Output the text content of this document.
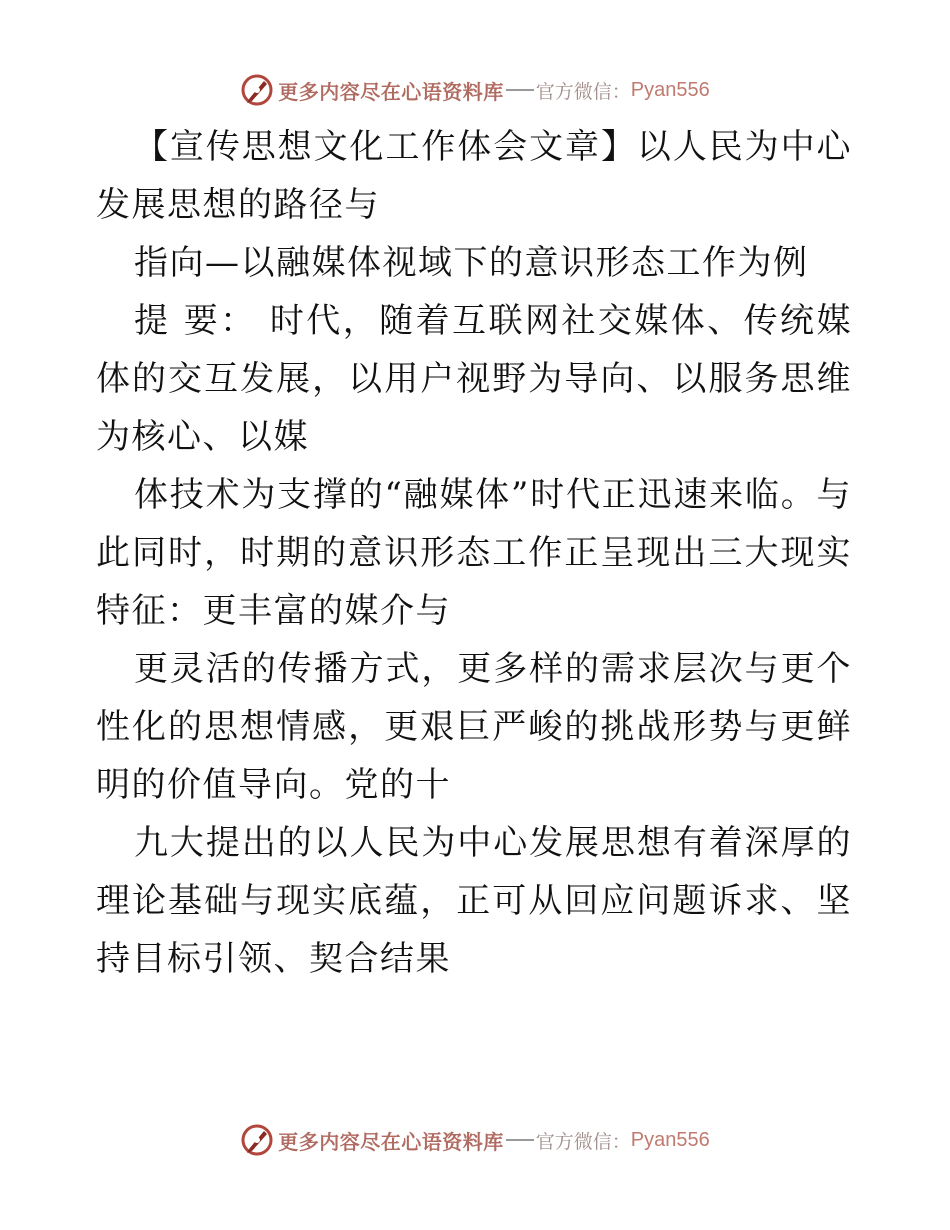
更多内容尽在心语资料库 官方微信： Pyan556

【宣传思想文化工作体会文章】以人民为中心发展思想的路径与

指向—以融媒体视域下的意识形态工作为例

提 要： 时代，随着互联网社交媒体、传统媒体的交互发展，以用户视野为导向、以服务思维为核心、以媒

体技术为支撑的“融媒体”时代正迅速来临。与此同时，时期的意识形态工作正呈现出三大现实特征：更丰富的媒介与

更灵活的传播方式，更多样的需求层次与更个性化的思想情感，更艰巨严峻的挑战形势与更鲜明的价值导向。党的十

九大提出的以人民为中心发展思想有着深厚的理论基础与现实底蕴，正可从回应问题诉求、坚持目标引领、契合结果

更多内容尽在心语资料库 官方微信： Pyan556
